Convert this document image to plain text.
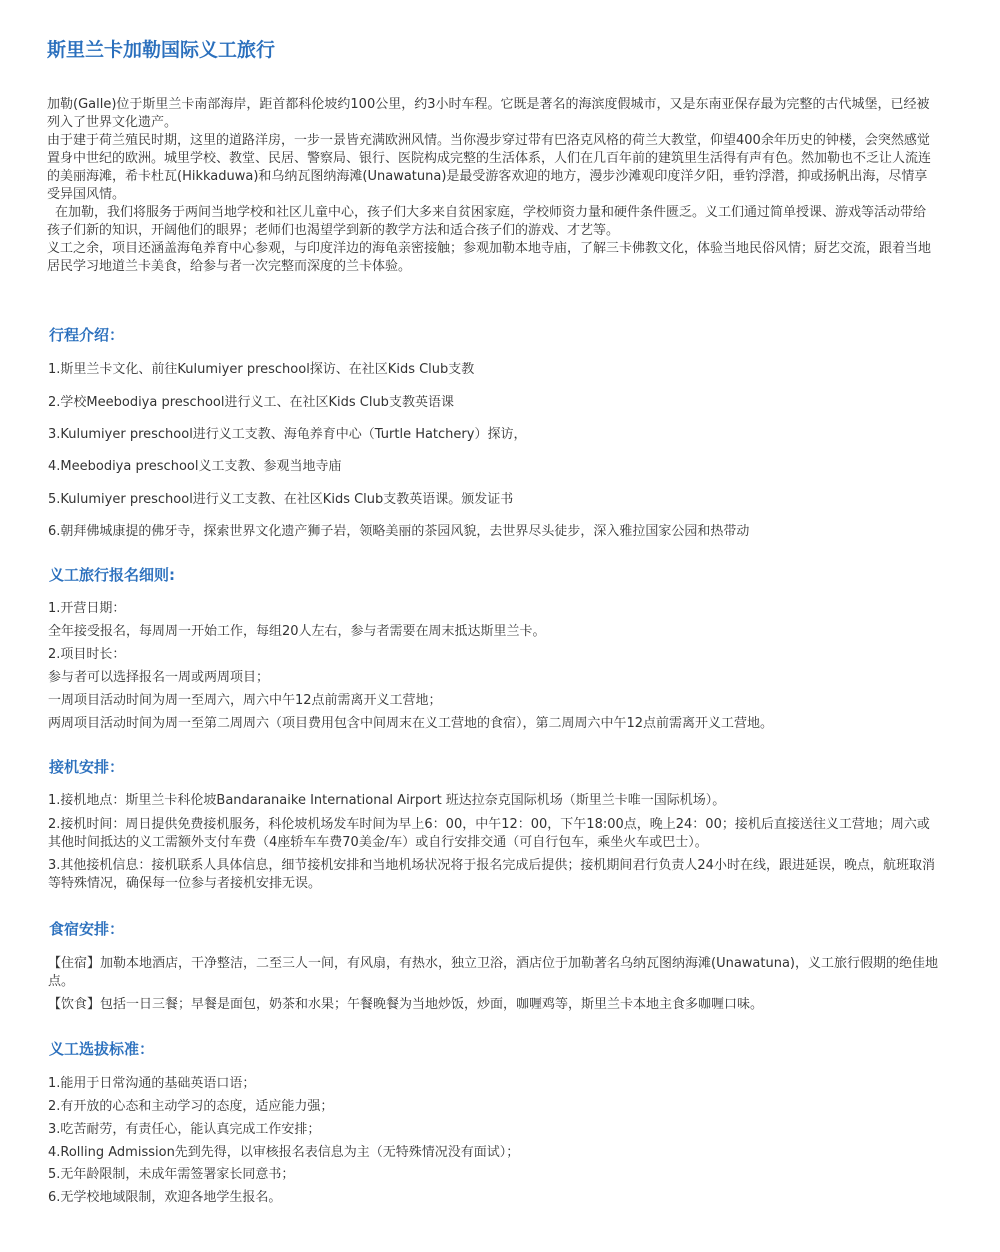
斯里兰卡加勒国际义工旅行

加勒(Galle)位于斯里兰卡南部海岸，距首都科伦坡约100公里，约3小时车程。它既是著名的海滨度假城市，又是东南亚保存最为完整的古代城堡，已经被列入了世界文化遗产。

由于建于荷兰殖民时期，这里的道路洋房，一步一景皆充满欧洲风情。当你漫步穿过带有巴洛克风格的荷兰大教堂，仰望400余年历史的钟楼，会突然感觉置身中世纪的欧洲。城里学校、教堂、民居、警察局、银行、医院构成完整的生活体系，人们在几百年前的建筑里生活得有声有色。然加勒也不乏让人流连的美丽海滩，希卡杜瓦(Hikkaduwa)和乌纳瓦图纳海滩(Unawatuna)是最受游客欢迎的地方，漫步沙滩观印度洋夕阳，垂钓浮潜，抑或扬帆出海，尽情享受异国风情。

在加勒，我们将服务于两间当地学校和社区儿童中心，孩子们大多来自贫困家庭，学校师资力量和硬件条件匮乏。义工们通过简单授课、游戏等活动带给孩子们新的知识，开阔他们的眼界；老师们也渴望学到新的教学方法和适合孩子们的游戏、才艺等。

义工之余，项目还涵盖海龟养育中心参观，与印度洋边的海龟亲密接触；参观加勒本地寺庙，了解三卡佛教文化，体验当地民俗风情；厨艺交流，跟着当地居民学习地道兰卡美食，给参与者一次完整而深度的兰卡体验。

行程介绍：
1.斯里兰卡文化、前往Kulumiyer preschool探访、在社区Kids Club支教
2.学校Meebodiya preschool进行义工、在社区Kids Club支教英语课
3.Kulumiyer preschool进行义工支教、海龟养育中心（Turtle Hatchery）探访，
4.Meebodiya preschool义工支教、参观当地寺庙
5.Kulumiyer preschool进行义工支教、在社区Kids Club支教英语课。颁发证书
6.朝拜佛城康提的佛牙寺，探索世界文化遗产狮子岩，领略美丽的茶园风貌，去世界尽头徒步，深入雅拉国家公园和热带动
义工旅行报名细则:
1.开营日期：
全年接受报名，每周周一开始工作，每组20人左右，参与者需要在周末抵达斯里兰卡。
2.项目时长：
参与者可以选择报名一周或两周项目；
一周项目活动时间为周一至周六，周六中午12点前需离开义工营地；
两周项目活动时间为周一至第二周周六（项目费用包含中间周末在义工营地的食宿），第二周周六中午12点前需离开义工营地。
接机安排：
1.接机地点：斯里兰卡科伦坡Bandaranaike International Airport 班达拉奈克国际机场（斯里兰卡唯一国际机场）。
2.接机时间：周日提供免费接机服务，科伦坡机场发车时间为早上6：00，中午12：00，下午18:00点，晚上24：00；接机后直接送往义工营地；周六或其他时间抵达的义工需额外支付车费（4座轿车车费70美金/车）或自行安排交通（可自行包车，乘坐火车或巴士）。
3.其他接机信息：接机联系人具体信息，细节接机安排和当地机场状况将于报名完成后提供；接机期间君行负责人24小时在线，跟进延误，晚点，航班取消等特殊情况，确保每一位参与者接机安排无误。
食宿安排：
【住宿】加勒本地酒店，干净整洁，二至三人一间，有风扇，有热水，独立卫浴，酒店位于加勒著名乌纳瓦图纳海滩(Unawatuna)，义工旅行假期的绝佳地点。
【饮食】包括一日三餐；早餐是面包，奶茶和水果；午餐晚餐为当地炒饭，炒面，咖喱鸡等，斯里兰卡本地主食多咖喱口味。
义工选拔标准：
1.能用于日常沟通的基础英语口语；
2.有开放的心态和主动学习的态度，适应能力强；
3.吃苦耐劳，有责任心，能认真完成工作安排；
4.Rolling Admission先到先得，以审核报名表信息为主（无特殊情况没有面试）；
5.无年龄限制，未成年需签署家长同意书；
6.无学校地域限制，欢迎各地学生报名。
